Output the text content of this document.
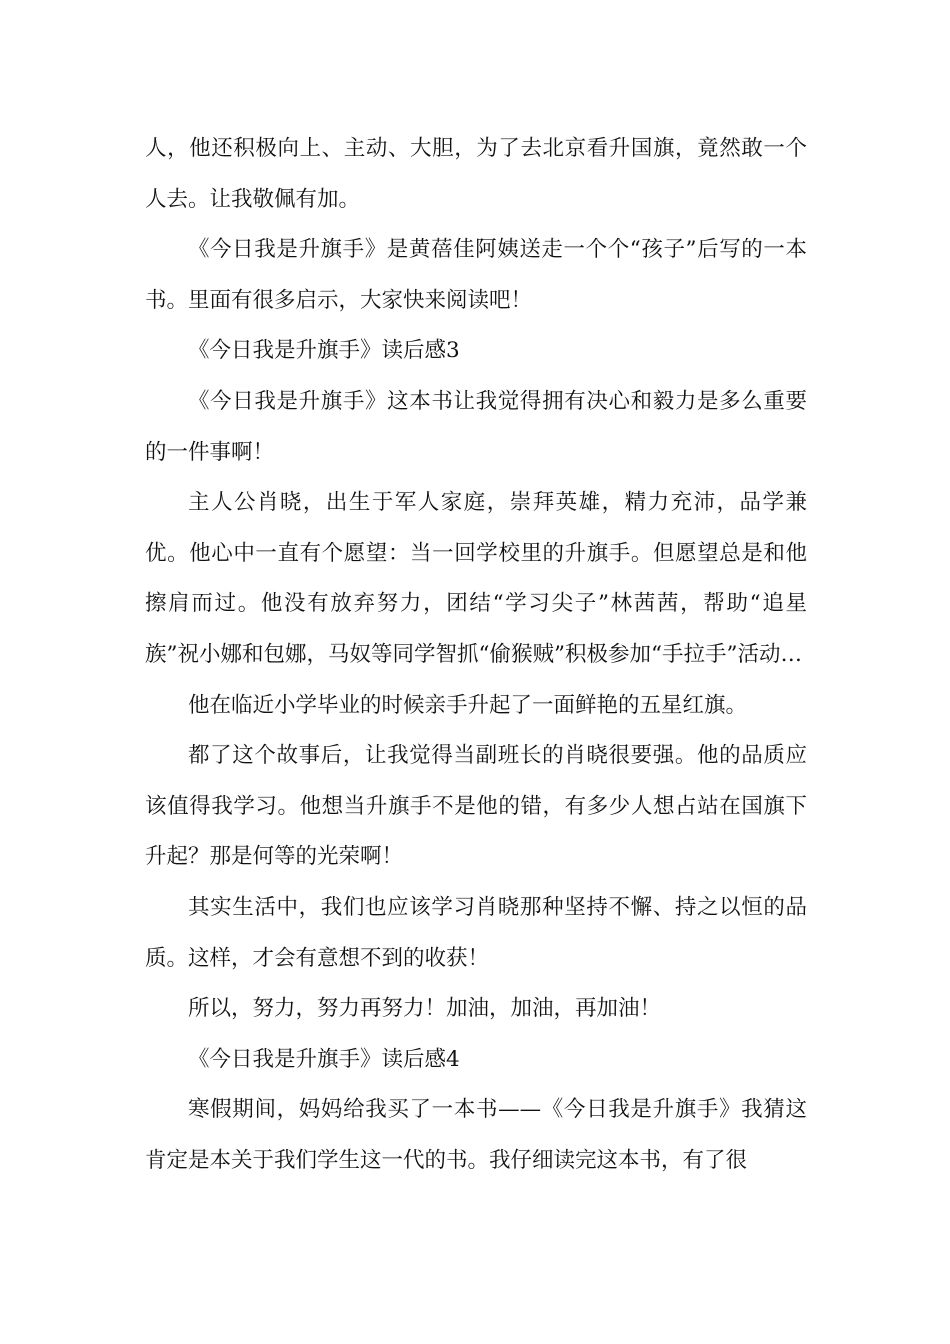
人，他还积极向上、主动、大胆，为了去北京看升国旗，竟然敢一个人去。让我敬佩有加。

《今日我是升旗手》是黄蓓佳阿姨送走一个个“孩子”后写的一本书。里面有很多启示，大家快来阅读吧！

《今日我是升旗手》读后感3

《今日我是升旗手》这本书让我觉得拥有决心和毅力是多么重要的一件事啊！

主人公肖晓，出生于军人家庭，崇拜英雄，精力充沛，品学兼优。他心中一直有个愿望：当一回学校里的升旗手。但愿望总是和他擦肩而过。他没有放弃努力，团结“学习尖子”林茜茜，帮助“追星族”祝小娜和包娜，马奴等同学智抓“偷猴贼”积极参加“手拉手”活动…

他在临近小学毕业的时候亲手升起了一面鲜艳的五星红旗。

都了这个故事后，让我觉得当副班长的肖晓很要强。他的品质应该值得我学习。他想当升旗手不是他的错，有多少人想占站在国旗下升起？那是何等的光荣啊！

其实生活中，我们也应该学习肖晓那种坚持不懈、持之以恒的品质。这样，才会有意想不到的收获！

所以，努力，努力再努力！加油，加油，再加油！

《今日我是升旗手》读后感4

寒假期间，妈妈给我买了一本书——《今日我是升旗手》我猜这肯定是本关于我们学生这一代的书。我仔细读完这本书，有了很
